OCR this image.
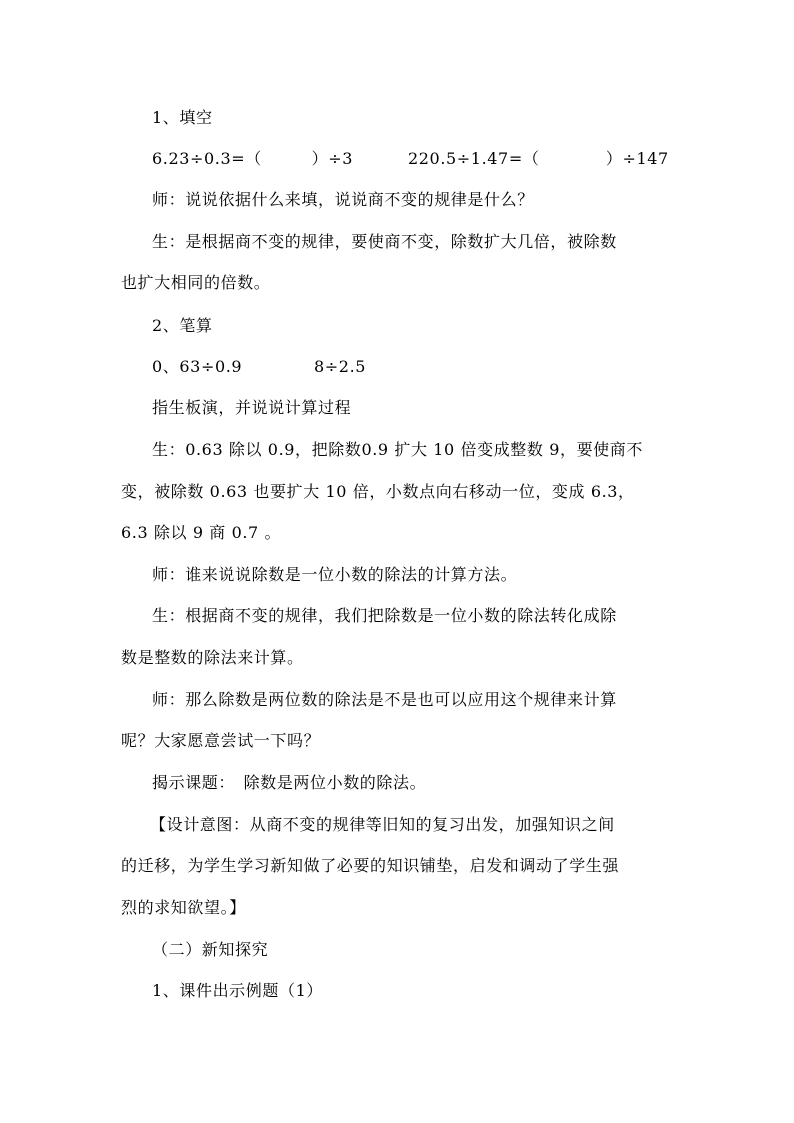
1、填空
6.23÷0.3=（　　　）÷3	220.5÷1.47=（　　　　）÷147
师：说说依据什么来填，说说商不变的规律是什么？
生：是根据商不变的规律，要使商不变，除数扩大几倍，被除数
也扩大相同的倍数。
2、笔算
0、63÷0.9	8÷2.5
指生板演，并说说计算过程
生：0.63 除以 0.9，把除数0.9 扩大 10 倍变成整数 9，要使商不
变，被除数 0.63 也要扩大 10 倍，小数点向右移动一位，变成 6.3，
6.3 除以 9 商 0.7 。
师：谁来说说除数是一位小数的除法的计算方法。
生：根据商不变的规律，我们把除数是一位小数的除法转化成除
数是整数的除法来计算。
师：那么除数是两位数的除法是不是也可以应用这个规律来计算
呢？大家愿意尝试一下吗？
揭示课题：　除数是两位小数的除法。
【设计意图：从商不变的规律等旧知的复习出发，加强知识之间
的迁移，为学生学习新知做了必要的知识铺垫，启发和调动了学生强
烈的求知欲望。】
（二）新知探究
1、课件出示例题（1）
